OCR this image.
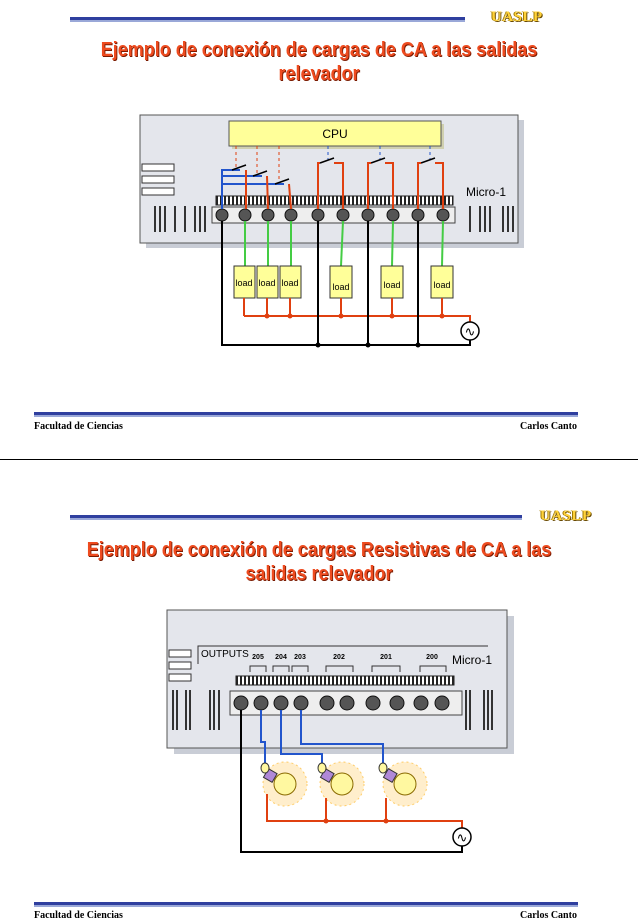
UASLP
Ejemplo de conexión de cargas de CA a las salidas
relevador
CPU
Micro-1
load load load	load	load	load
∿
Facultad de Ciencias	Carlos Canto
UASLP
Ejemplo de conexión de cargas Resistivas de CA a las
salidas relevador
OUTPUTS 205 204 203	202	201	200 Micro-1
∿
Facultad de Ciencias	Carlos Canto
